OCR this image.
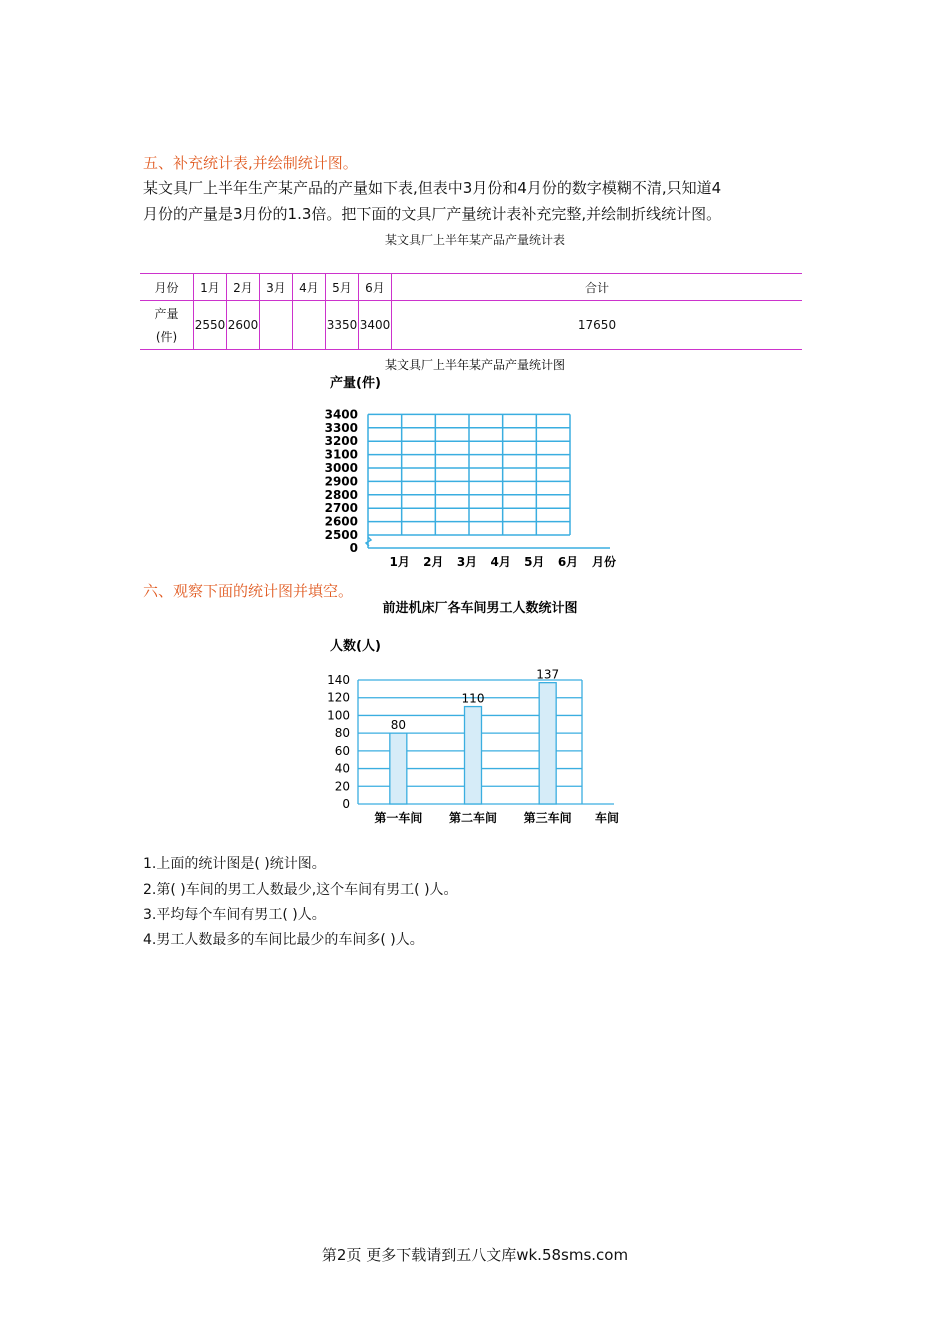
五、补充统计表,并绘制统计图。
某文具厂上半年生产某产品的产量如下表,但表中3月份和4月份的数字模糊不清,只知道4
月份的产量是3月份的1.3倍。把下面的文具厂产量统计表补充完整,并绘制折线统计图。
某文具厂上半年某产品产量统计表
月份	1月	2月	3月	4月	5月	6月	合计

产量
(件)	2550	2600			3350	3400	17650
某文具厂上半年某产品产量统计图
产量(件)
2500
2600
2700
2800
2900
3000
3100
3200
3300
3400
0
1月 2月 3月 4月 5月 6月 月份
六、观察下面的统计图并填空。
前进机床厂各车间男工人数统计图
人数(人)
0
20
40
60
80
100
120
140
80
110
137
第一车间 第二车间 第三车间 车间
1.上面的统计图是( )统计图。
2.第( )车间的男工人数最少,这个车间有男工( )人。
3.平均每个车间有男工( )人。
4.男工人数最多的车间比最少的车间多( )人。
第2页 更多下载请到五八文库wk.58sms.com
